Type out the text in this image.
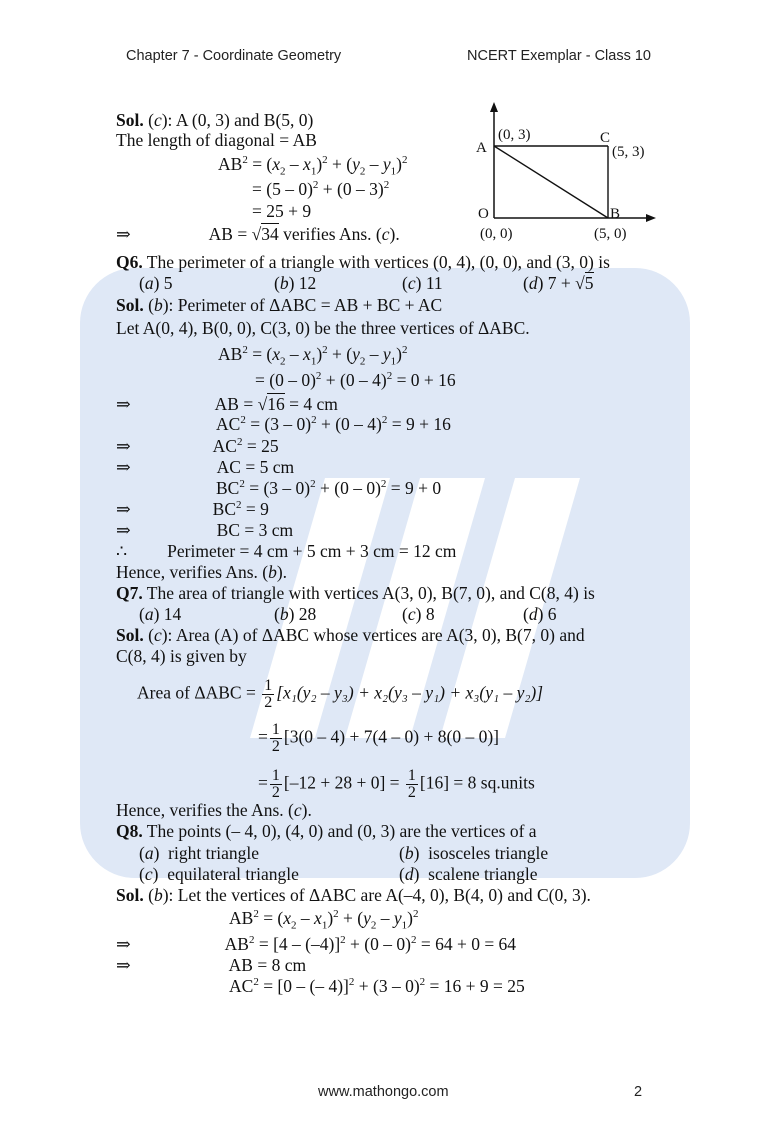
Chapter 7 - Coordinate Geometry	NCERT Exemplar - Class 10
A
(0, 3)	C
(5, 3)
O
(0, 0)
B
(5, 0)
Sol. (c): A (0, 3) and B(5, 0)
The length of diagonal = AB
$AB^2 = (x_2 - x_1)^2 + (y_2 - y_1)^2$
= (5 – 0)$^2$ + (0 – 3)$^2$
= 25 + 9
⇒	AB = √34 verifies Ans. (c).
Q6. The perimeter of a triangle with vertices (0, 4), (0, 0), and (3, 0) is
(a) 5	(b) 12	(c) 11	(d) 7 + √5
Sol. (b): Perimeter of ΔABC = AB + BC + AC
Let A(0, 4), B(0, 0), C(3, 0) be the three vertices of ΔABC.
$AB^2 = (x_2 - x_1)^2 + (y_2 - y_1)^2$
= (0 – 0)$^2$ + (0 – 4)$^2$ = 0 + 16
⇒	AB = √16 = 4 cm
$AC^2 = (3 - 0)^2 + (0 - 4)^2 = 9 + 16$
⇒	$AC^2 = 25$
⇒	AC = 5 cm
$BC^2 = (3 - 0)^2 + (0 - 0)^2 = 9 + 0$
⇒	$BC^2 = 9$
⇒	BC = 3 cm
∴ Perimeter = 4 cm + 5 cm + 3 cm = 12 cm
Hence, verifies Ans. (b).
Q7. The area of triangle with vertices A(3, 0), B(7, 0), and C(8, 4) is
(a) 14	(b) 28	(c) 8	(d) 6
Sol. (c): Area (A) of ΔABC whose vertices are A(3, 0), B(7, 0) and
C(8, 4) is given by
Area of $\Delta ABC = \frac{1}{2} [x_1(y_2 - y_3) + x_2(y_3 - y_1) + x_3(y_1 - y_2)]$
= $\frac{1}{2} [3(0 - 4) + 7(4 - 0) + 8(0 - 0)]$
= $\frac{1}{2} [-12 + 28 + 0] = \frac{1}{2} [16] = 8$ sq.units
Hence, verifies the Ans. (c).
Q8. The points (– 4, 0), (4, 0) and (0, 3) are the vertices of a
(a)  right triangle	(b)  isosceles triangle
(c)  equilateral triangle	(d)  scalene triangle
Sol. (b): Let the vertices of ΔABC are A(–4, 0), B(4, 0) and C(0, 3).
$AB^2 = (x_2 - x_1)^2 + (y_2 - y_1)^2$
⇒	$AB^2 = [4 - (-4)]^2 + (0 - 0)^2 = 64 + 0 = 64$
⇒	AB = 8 cm
$AC^2 = [0$ – (– 4)]$^2$ + (3 – 0)$^2$ = 16 + 9 = 25
www.mathongo.com	2
